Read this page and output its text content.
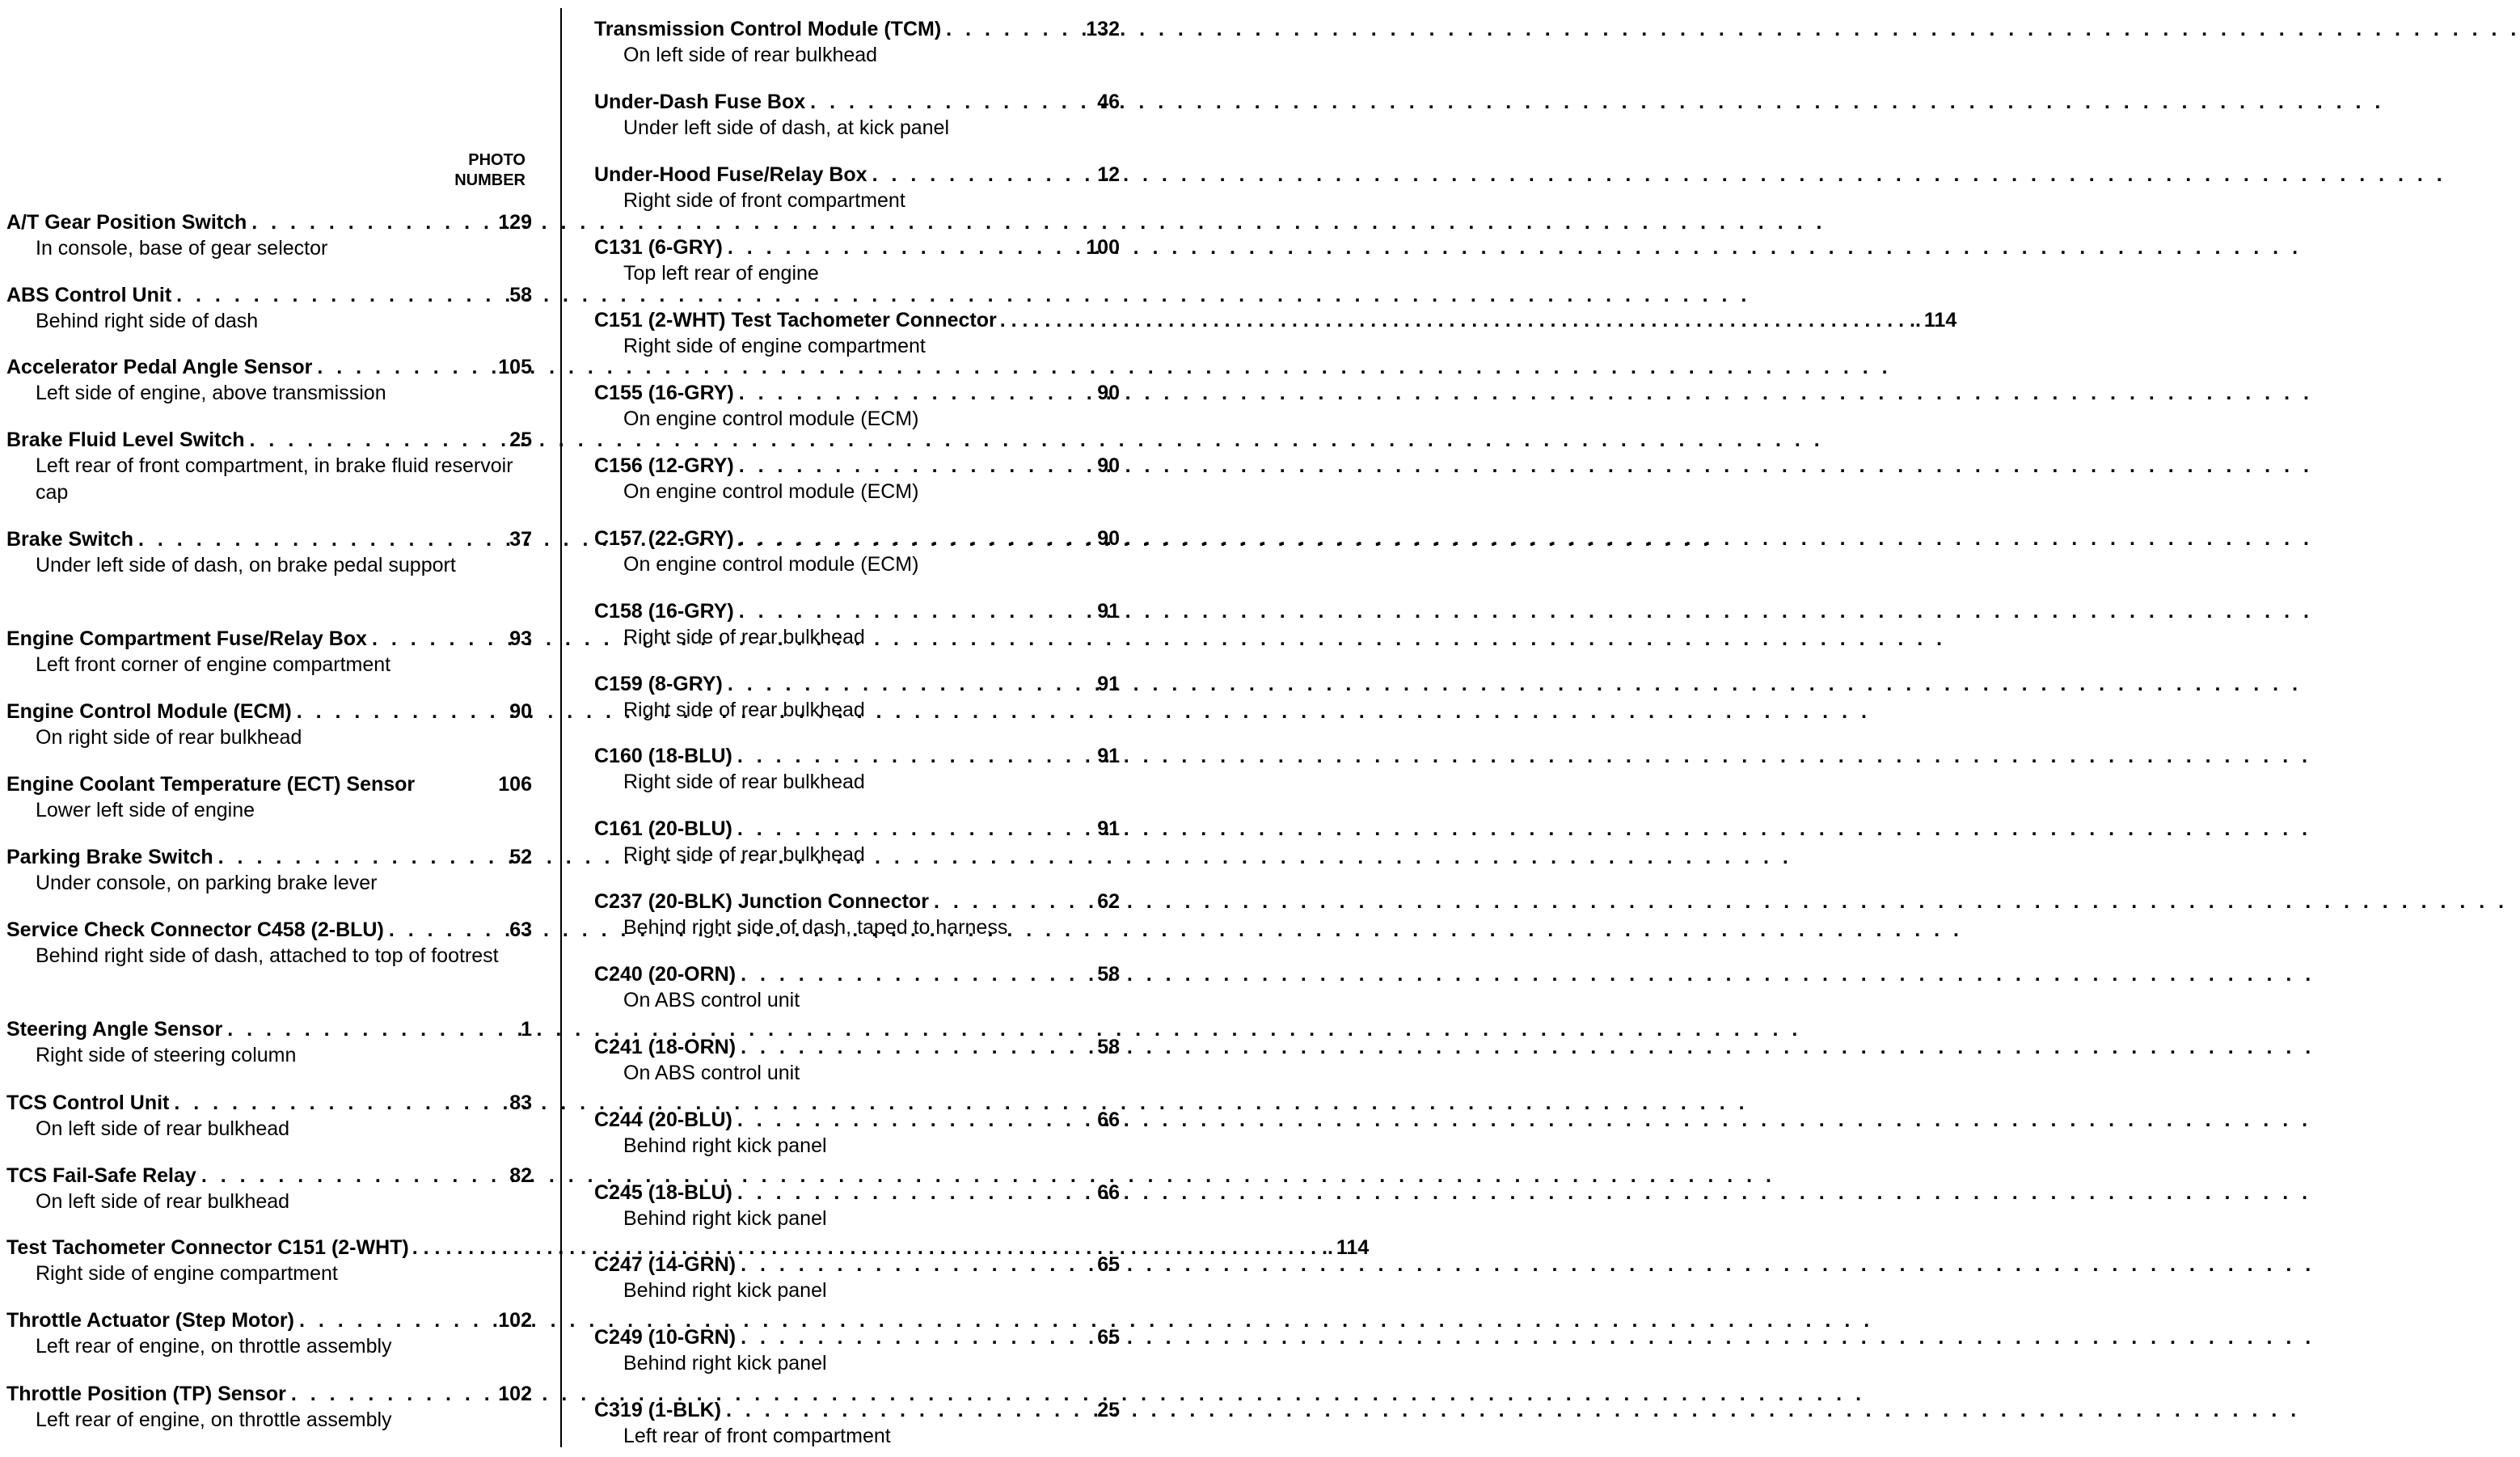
PHOTO
NUMBER
A/T Gear Position Switch . . .	129
In console, base of gear selector
ABS Control Unit . . .	58
Behind right side of dash
Accelerator Pedal Angle Sensor . . .	105
Left side of engine, above transmission
Brake Fluid Level Switch . . .	25
Left rear of front compartment, in brake fluid reservoir cap
Brake Switch . . .	37
Under left side of dash, on brake pedal support
Engine Compartment Fuse/Relay Box . . .	93
Left front corner of engine compartment
Engine Control Module (ECM) . . .	90
On right side of rear bulkhead
Engine Coolant Temperature (ECT) Sensor	106
Lower left side of engine
Parking Brake Switch . . .	52
Under console, on parking brake lever
Service Check Connector C458 (2-BLU) . . .	63
Behind right side of dash, attached to top of footrest
Steering Angle Sensor . . .	1
Right side of steering column
TCS Control Unit . . .	83
On left side of rear bulkhead
TCS Fail-Safe Relay . . .	82
On left side of rear bulkhead
Test Tachometer Connector C151 (2-WHT)	. . . . 114
Right side of engine compartment
Throttle Actuator (Step Motor) . . .	102
Left rear of engine, on throttle assembly
Throttle Position (TP) Sensor . . .	102
Left rear of engine, on throttle assembly
Transmission Control Module (TCM) . . .	132
On left side of rear bulkhead
Under-Dash Fuse Box . . .	46
Under left side of dash, at kick panel
Under-Hood Fuse/Relay Box . . .	12
Right side of front compartment
C131 (6-GRY) . . .	100
Top left rear of engine
C151 (2-WHT) Test Tachometer Connector	. . . . 114
Right side of engine compartment
C155 (16-GRY) . . .	90
On engine control module (ECM)
C156 (12-GRY) . . .	90
On engine control module (ECM)
C157 (22-GRY) . . .	90
On engine control module (ECM)
C158 (16-GRY) . . .	91
Right side of rear bulkhead
C159 (8-GRY) . . .	91
Right side of rear bulkhead
C160 (18-BLU) . . .	91
Right side of rear bulkhead
C161 (20-BLU) . . .	91
Right side of rear bulkhead
C237 (20-BLK) Junction Connector . . .	62
Behind right side of dash, taped to harness
C240 (20-ORN) . . .	58
On ABS control unit
C241 (18-ORN) . . .	58
On ABS control unit
C244 (20-BLU) . . .	66
Behind right kick panel
C245 (18-BLU) . . .	66
Behind right kick panel
C247 (14-GRN) . . .	65
Behind right kick panel
C249 (10-GRN) . . .	65
Behind right kick panel
C319 (1-BLK) . . .	25
Left rear of front compartment
